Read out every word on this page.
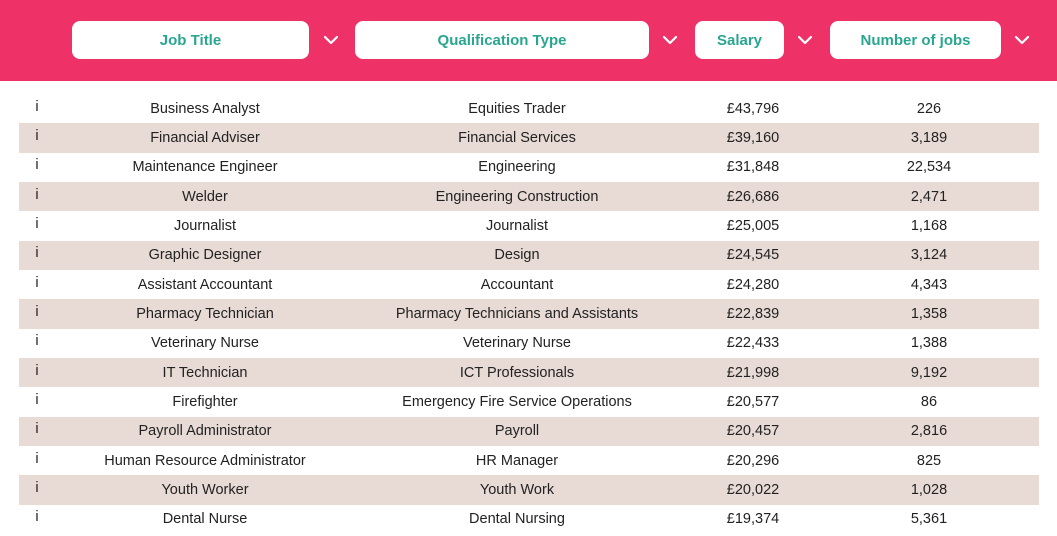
Job Title	Qualification Type	Salary	Number of jobs
i	Business Analyst	Equities Trader	£43,796	226
i	Financial Adviser	Financial Services	£39,160	3,189
i	Maintenance Engineer	Engineering	£31,848	22,534
i	Welder	Engineering Construction	£26,686	2,471
i	Journalist	Journalist	£25,005	1,168
i	Graphic Designer	Design	£24,545	3,124
i	Assistant Accountant	Accountant	£24,280	4,343
i	Pharmacy Technician	Pharmacy Technicians and Assistants	£22,839	1,358
i	Veterinary Nurse	Veterinary Nurse	£22,433	1,388
i	IT Technician	ICT Professionals	£21,998	9,192
i	Firefighter	Emergency Fire Service Operations	£20,577	86
i	Payroll Administrator	Payroll	£20,457	2,816
i	Human Resource Administrator	HR Manager	£20,296	825
i	Youth Worker	Youth Work	£20,022	1,028
i	Dental Nurse	Dental Nursing	£19,374	5,361
